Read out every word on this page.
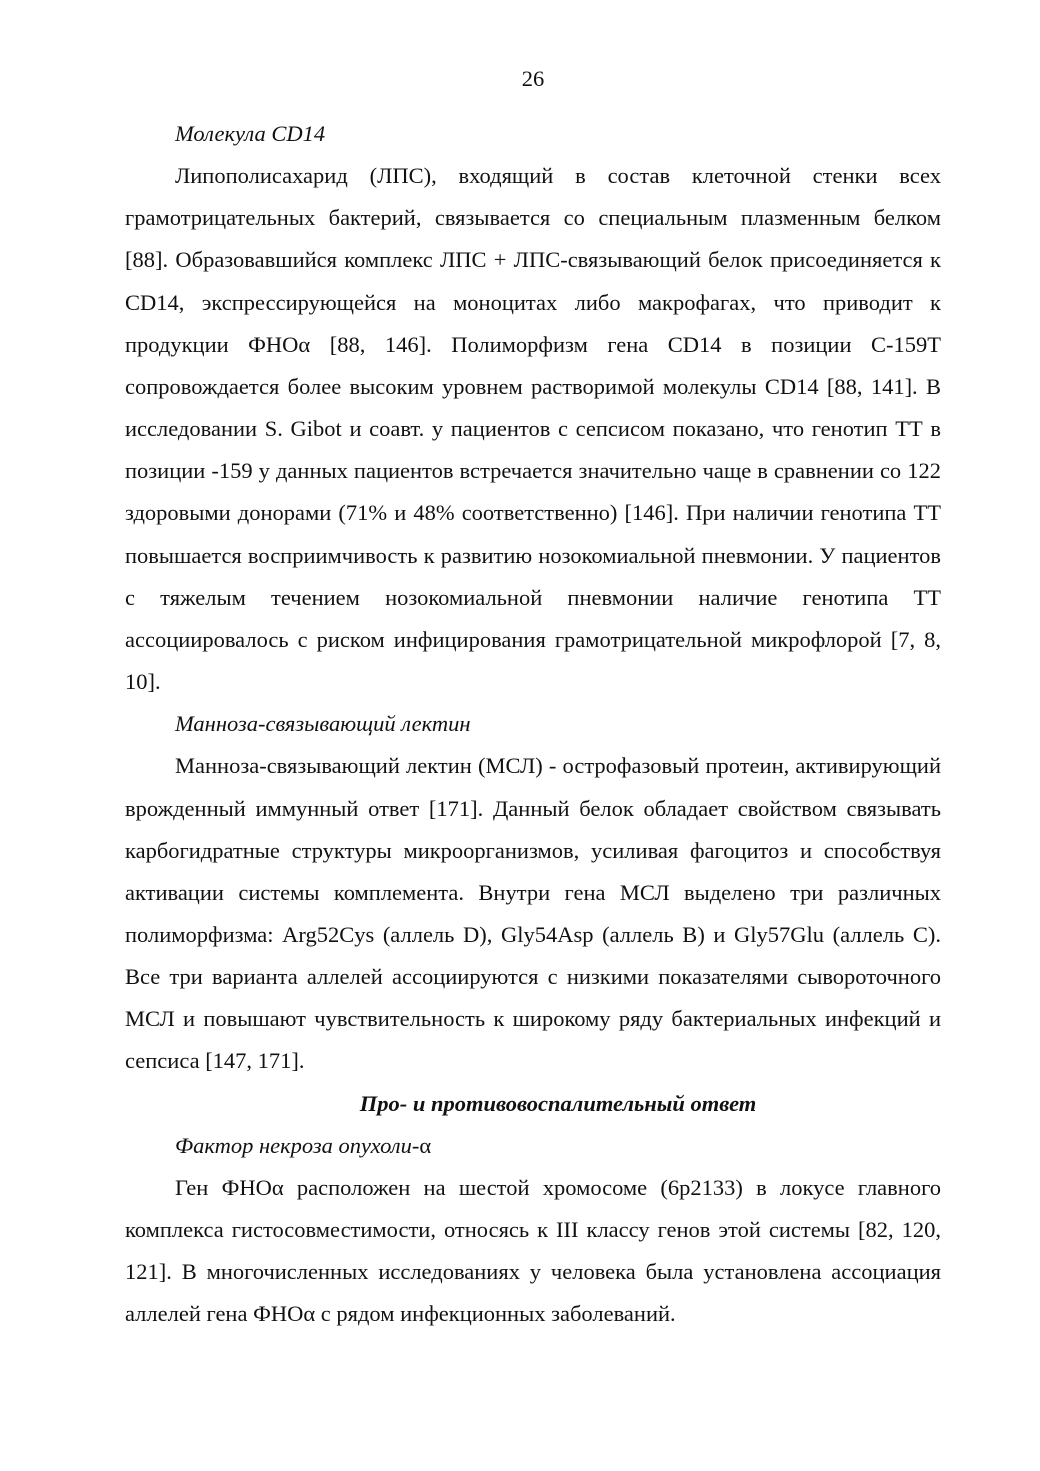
26

Молекула CD14

Липополисахарид (ЛПС), входящий в состав клеточной стенки всех грамотрицательных бактерий, связывается со специальным плазменным белком [88]. Образовавшийся комплекс ЛПС + ЛПС-связывающий белок присоединяется к CD14, экспрессирующейся на моноцитах либо макрофагах, что приводит к продукции ФНОα [88, 146]. Полиморфизм гена CD14 в позиции С-159Т сопровождается более высоким уровнем растворимой молекулы CD14 [88, 141]. В исследовании S. Gibot и соавт. у пациентов с сепсисом показано, что генотип ТТ в позиции -159 у данных пациентов встречается значительно чаще в сравнении со 122 здоровыми донорами (71% и 48% соответственно) [146]. При наличии генотипа ТТ повышается восприимчивость к развитию нозокомиальной пневмонии. У пациентов с тяжелым течением нозокомиальной пневмонии наличие генотипа ТТ ассоциировалось с риском инфицирования грамотрицательной микрофлорой [7, 8, 10].

Манноза-связывающий лектин

Манноза-связывающий лектин (МСЛ) - острофазовый протеин, активирующий врожденный иммунный ответ [171]. Данный белок обладает свойством связывать карбогидратные структуры микроорганизмов, усиливая фагоцитоз и способствуя активации системы комплемента. Внутри гена МСЛ выделено три различных полиморфизма: Arg52Cys (аллель D), Gly54Asp (аллель В) и Gly57Glu (аллель С). Все три варианта аллелей ассоциируются с низкими показателями сывороточного МСЛ и повышают чувствительность к широкому ряду бактериальных инфекций и сепсиса [147, 171].

Про- и противовоспалительный ответ

Фактор некроза опухоли-α

Ген ФНОα расположен на шестой хромосоме (6р2133) в локусе главного комплекса гистосовместимости, относясь к III классу генов этой системы [82, 120, 121]. В многочисленных исследованиях у человека была установлена ассоциация аллелей гена ФНОα с рядом инфекционных заболеваний.
